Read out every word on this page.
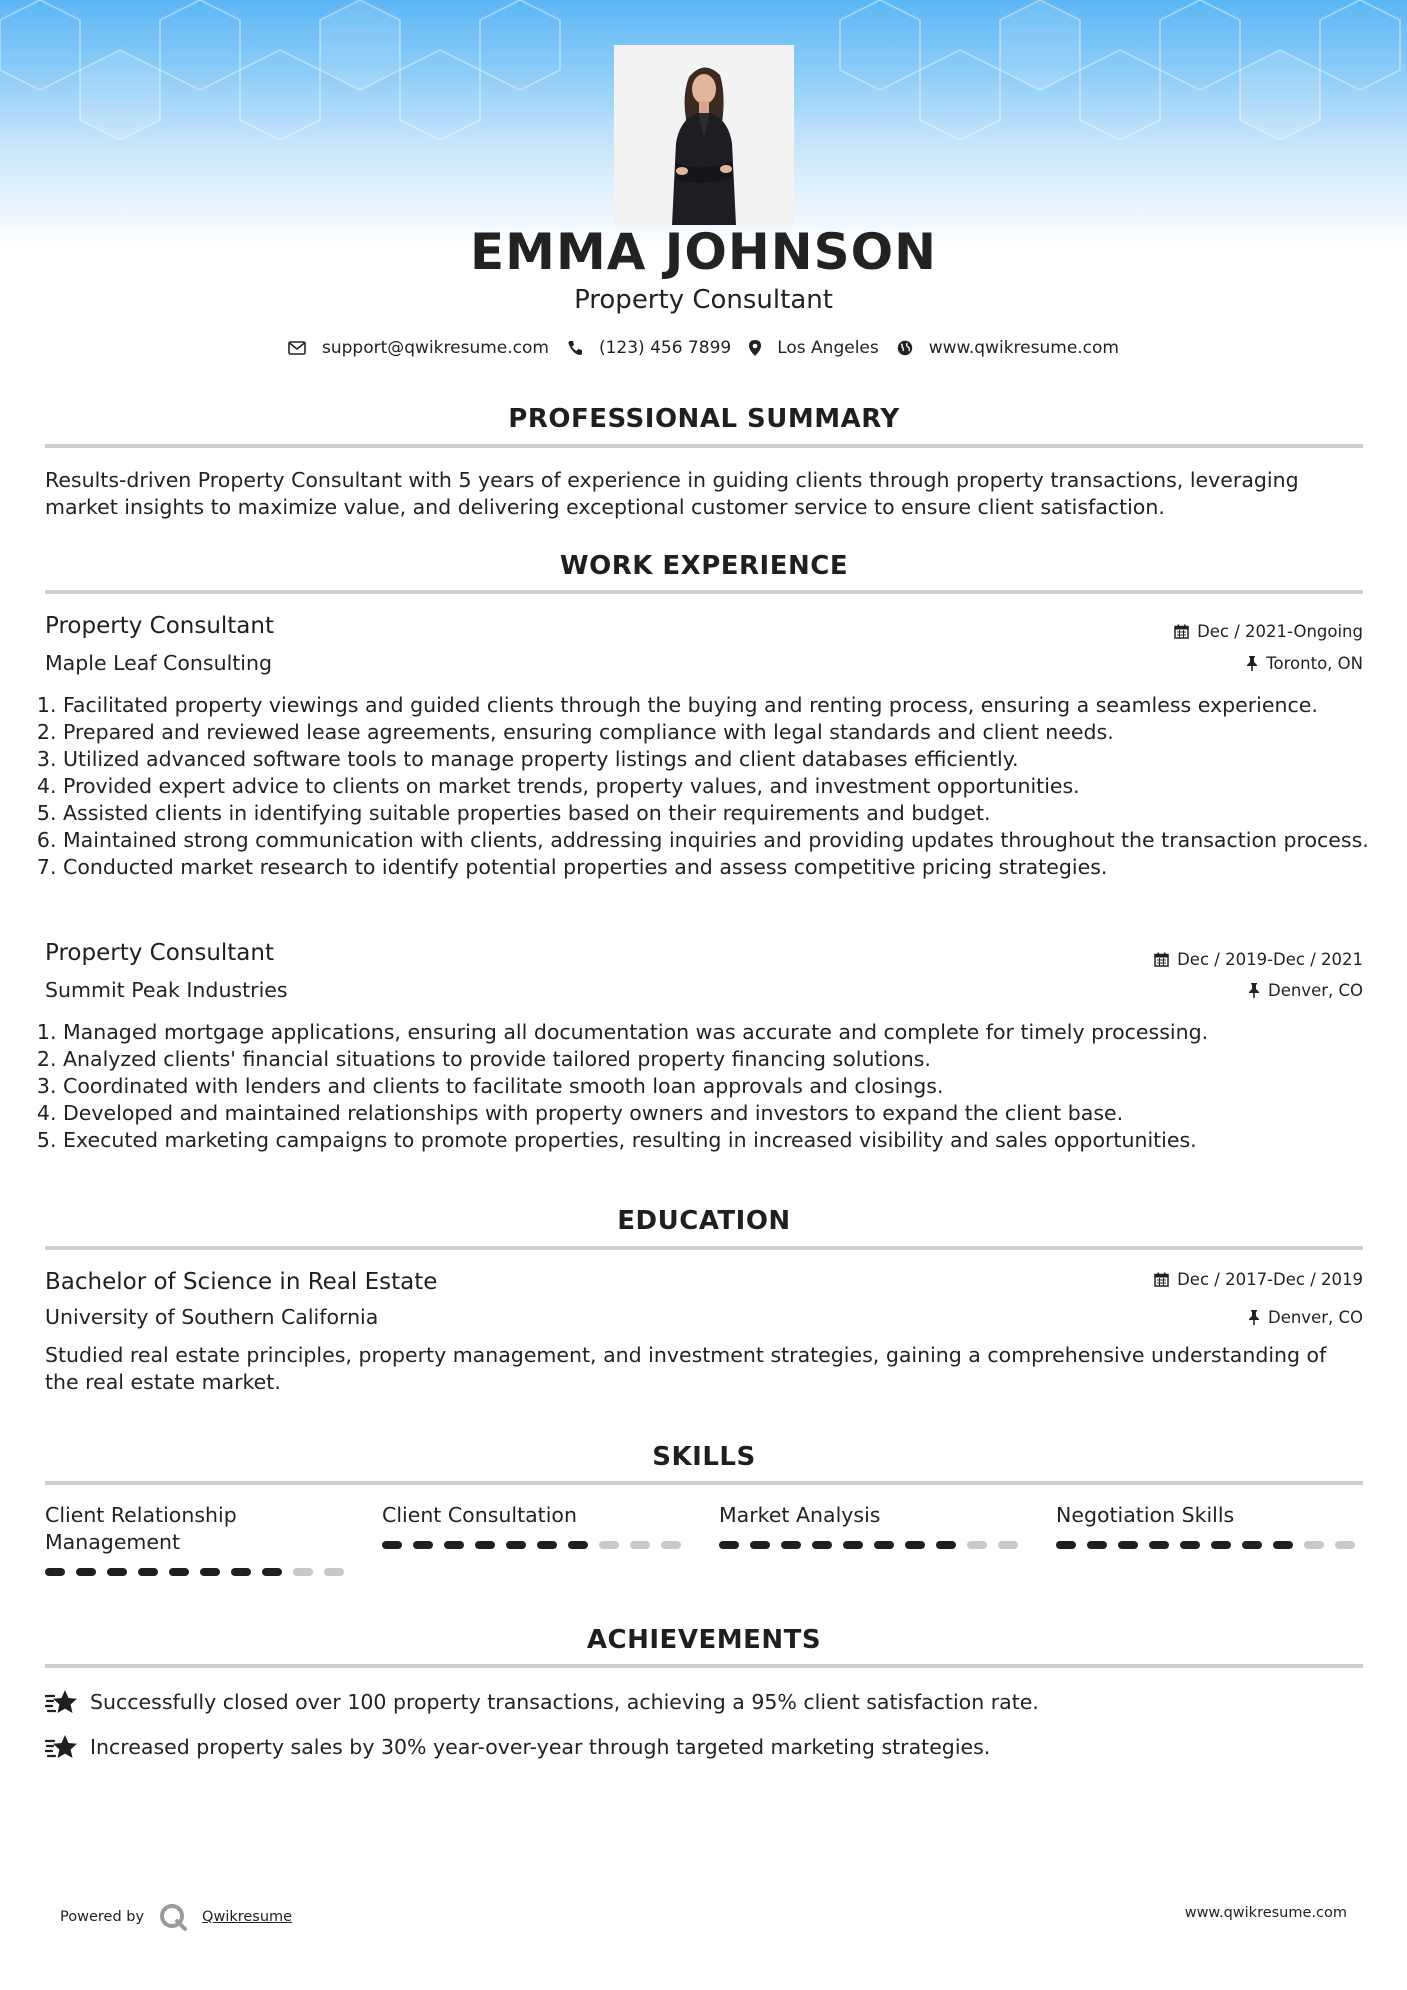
EMMA JOHNSON
Property Consultant
support@qwikresume.com	(123) 456 7899	Los Angeles	www.qwikresume.com
PROFESSIONAL SUMMARY
Results-driven Property Consultant with 5 years of experience in guiding clients through property transactions, leveraging market insights to maximize value, and delivering exceptional customer service to ensure client satisfaction.
WORK EXPERIENCE
Property Consultant	Dec / 2021-Ongoing
Maple Leaf Consulting	Toronto, ON
1. Facilitated property viewings and guided clients through the buying and renting process, ensuring a seamless experience.
2. Prepared and reviewed lease agreements, ensuring compliance with legal standards and client needs.
3. Utilized advanced software tools to manage property listings and client databases efficiently.
4. Provided expert advice to clients on market trends, property values, and investment opportunities.
5. Assisted clients in identifying suitable properties based on their requirements and budget.
6. Maintained strong communication with clients, addressing inquiries and providing updates throughout the transaction process.
7. Conducted market research to identify potential properties and assess competitive pricing strategies.
Property Consultant	Dec / 2019-Dec / 2021
Summit Peak Industries	Denver, CO
1. Managed mortgage applications, ensuring all documentation was accurate and complete for timely processing.
2. Analyzed clients' financial situations to provide tailored property financing solutions.
3. Coordinated with lenders and clients to facilitate smooth loan approvals and closings.
4. Developed and maintained relationships with property owners and investors to expand the client base.
5. Executed marketing campaigns to promote properties, resulting in increased visibility and sales opportunities.
EDUCATION
Bachelor of Science in Real Estate	Dec / 2017-Dec / 2019
University of Southern California	Denver, CO
Studied real estate principles, property management, and investment strategies, gaining a comprehensive understanding of the real estate market.
SKILLS
Client Relationship Management
Client Consultation	Market Analysis	Negotiation Skills
ACHIEVEMENTS
Successfully closed over 100 property transactions, achieving a 95% client satisfaction rate.
Increased property sales by 30% year-over-year through targeted marketing strategies.
Powered by	Qwikresume	www.qwikresume.com
